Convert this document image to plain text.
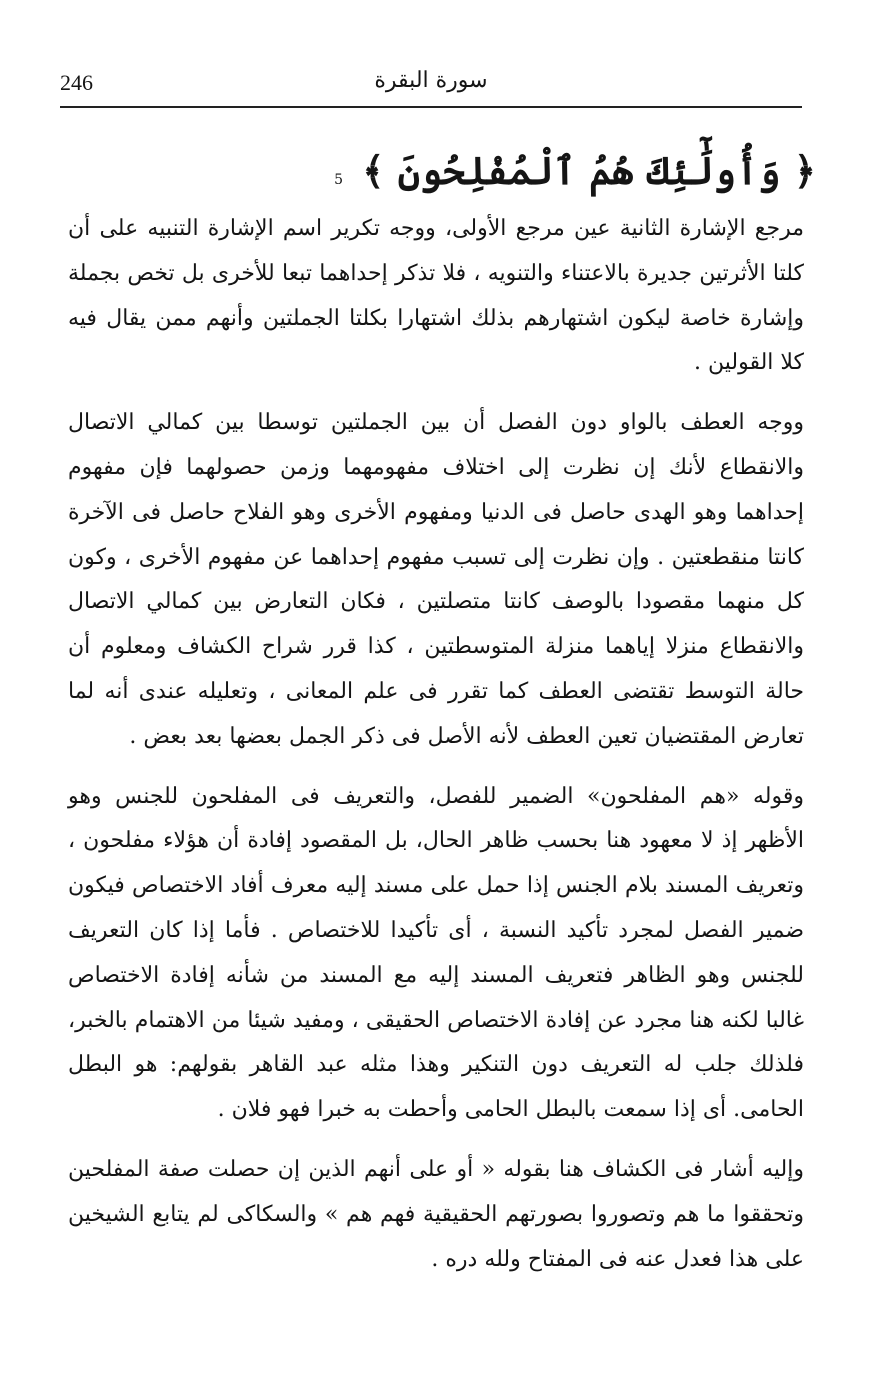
246	سورة البقرة
﴿ وَأُولَٰٓئِكَ هُمُ ٱلْمُفْلِحُونَ ﴾ 5

مرجع الإشارة الثانية عين مرجع الأولى، ووجه تكرير اسم الإشارة التنبيه على أن كلتا الأثرتين جديرة بالاعتناء والتنويه ، فلا تذكر إحداهما تبعا للأخرى بل تخص بجملة وإشارة خاصة ليكون اشتهارهم بذلك اشتهارا بكلتا الجملتين وأنهم ممن يقال فيه كلا القولين .

ووجه العطف بالواو دون الفصل أن بين الجملتين توسطا بين كمالي الاتصال والانقطاع لأنك إن نظرت إلى اختلاف مفهومهما وزمن حصولهما فإن مفهوم إحداهما وهو الهدى حاصل فى الدنيا ومفهوم الأخرى وهو الفلاح حاصل فى الآخرة كانتا منقطعتين . وإن نظرت إلى تسبب مفهوم إحداهما عن مفهوم الأخرى ، وكون كل منهما مقصودا بالوصف كانتا متصلتين ، فكان التعارض بين كمالي الاتصال والانقطاع منزلا إياهما منزلة المتوسطتين ، كذا قرر شراح الكشاف ومعلوم أن حالة التوسط تقتضى العطف كما تقرر فى علم المعانى ، وتعليله عندى أنه لما تعارض المقتضيان تعين العطف لأنه الأصل فى ذكر الجمل بعضها بعد بعض .

وقوله «هم المفلحون» الضمير للفصل، والتعريف فى المفلحون للجنس وهو الأظهر إذ لا معهود هنا بحسب ظاهر الحال، بل المقصود إفادة أن هؤلاء مفلحون ، وتعريف المسند بلام الجنس إذا حمل على مسند إليه معرف أفاد الاختصاص فيكون ضمير الفصل لمجرد تأكيد النسبة ، أى تأكيدا للاختصاص . فأما إذا كان التعريف للجنس وهو الظاهر فتعريف المسند إليه مع المسند من شأنه إفادة الاختصاص غالبا لكنه هنا مجرد عن إفادة الاختصاص الحقيقى ، ومفيد شيئا من الاهتمام بالخبر، فلذلك جلب له التعريف دون التنكير وهذا مثله عبد القاهر بقولهم: هو البطل الحامى. أى إذا سمعت بالبطل الحامى وأحطت به خبرا فهو فلان .

وإليه أشار فى الكشاف هنا بقوله « أو على أنهم الذين إن حصلت صفة المفلحين وتحققوا ما هم وتصوروا بصورتهم الحقيقية فهم هم » والسكاكى لم يتابع الشيخين على هذا فعدل عنه فى المفتاح ولله دره .
